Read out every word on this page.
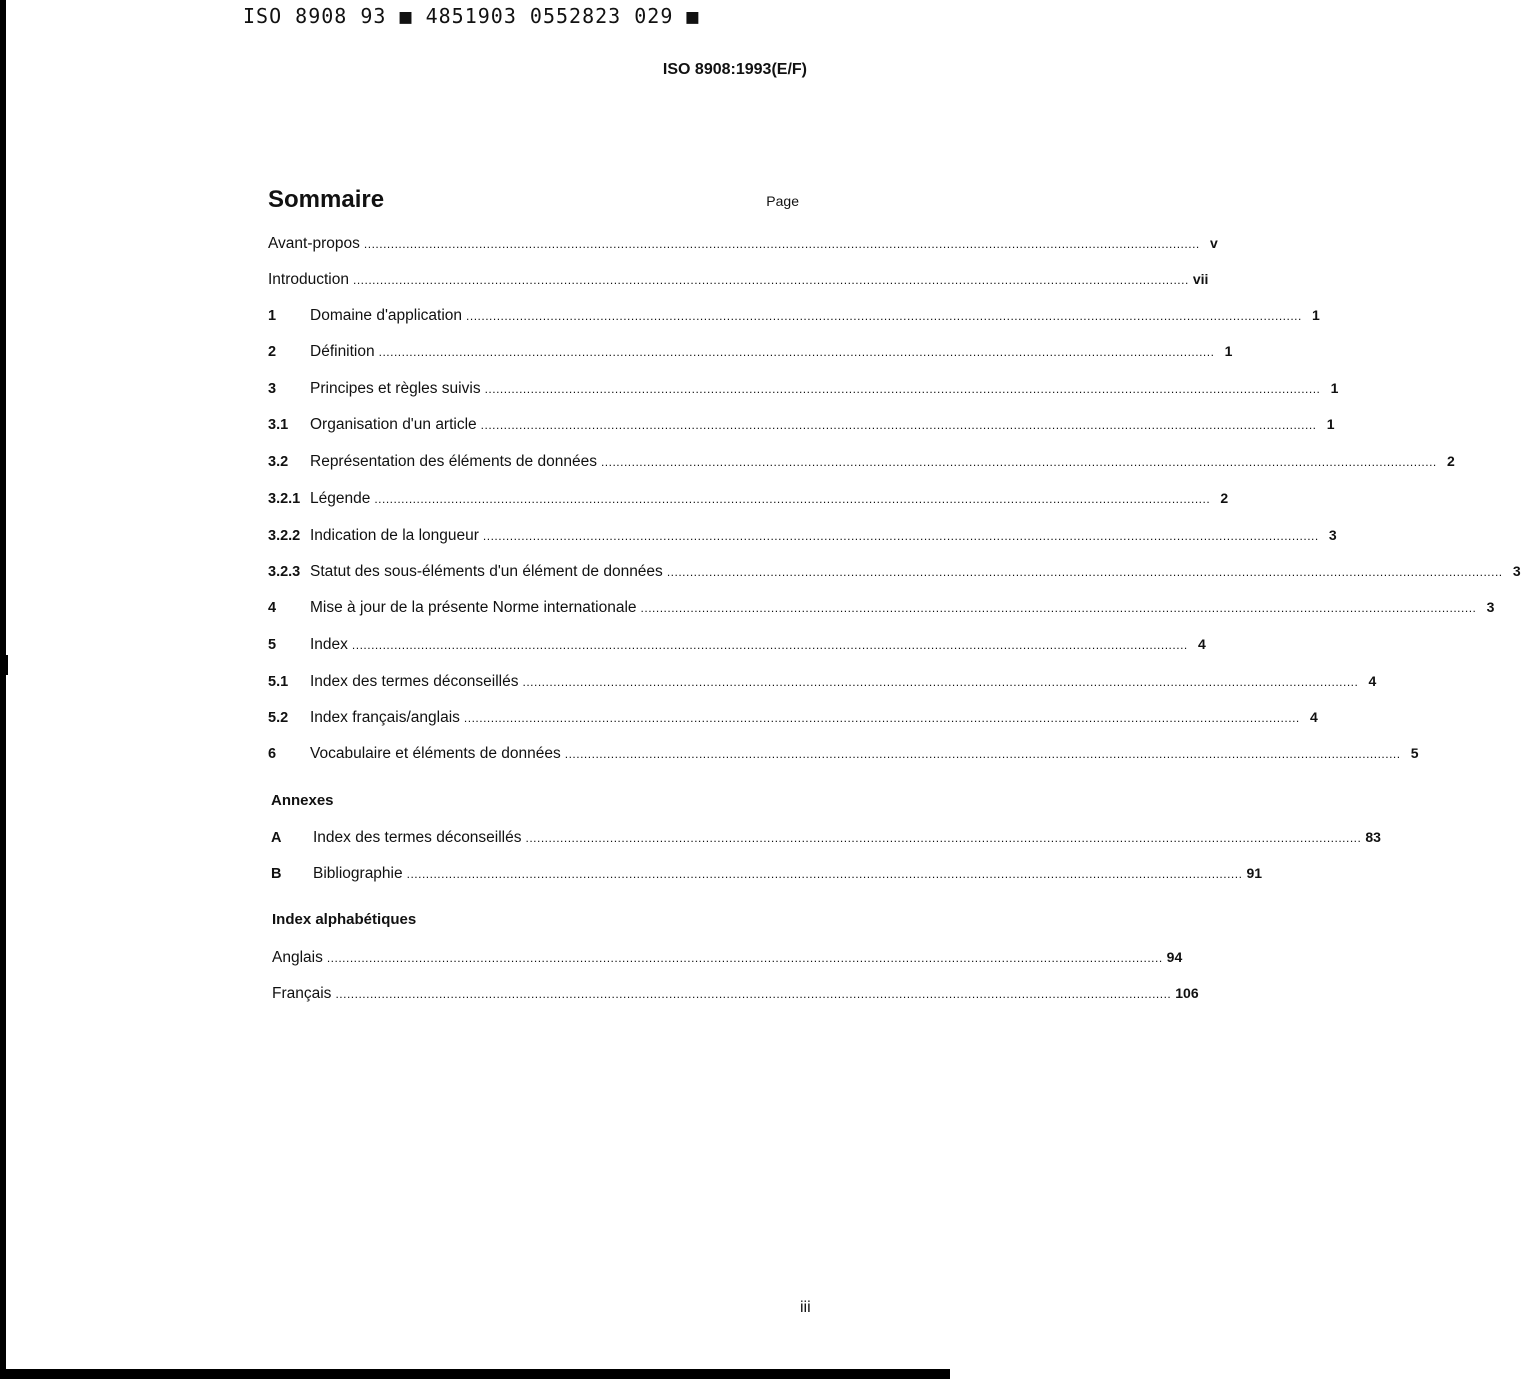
ISO 8908 93 ■ 4851903 0552823 029 ■
ISO 8908:1993(E/F)
Sommaire	Page
Avant-propos .......................................................................................................................................................................................................................... v
Introduction .......................................................................................................................................................................................................................... vii
1	Domaine d'application .......................................................................................................................................................................................................................... 1
2	Définition .......................................................................................................................................................................................................................... 1
3	Principes et règles suivis .......................................................................................................................................................................................................................... 1
3.1	Organisation d'un article .......................................................................................................................................................................................................................... 1
3.2	Représentation des éléments de données .......................................................................................................................................................................................................................... 2
3.2.1 Légende .......................................................................................................................................................................................................................... 2
3.2.2 Indication de la longueur .......................................................................................................................................................................................................................... 3
3.2.3 Statut des sous-éléments d'un élément de données .......................................................................................................................................................................................................................... 3
4	Mise à jour de la présente Norme internationale .......................................................................................................................................................................................................................... 3
5	Index .......................................................................................................................................................................................................................... 4
5.1	Index des termes déconseillés .......................................................................................................................................................................................................................... 4
5.2	Index français/anglais .......................................................................................................................................................................................................................... 4
6	Vocabulaire et éléments de données .......................................................................................................................................................................................................................... 5
Annexes
A	Index des termes déconseillés .......................................................................................................................................................................................................................... 83
B	Bibliographie .......................................................................................................................................................................................................................... 91
Index alphabétiques
Anglais .......................................................................................................................................................................................................................... 94
Français .......................................................................................................................................................................................................................... 106
iii
